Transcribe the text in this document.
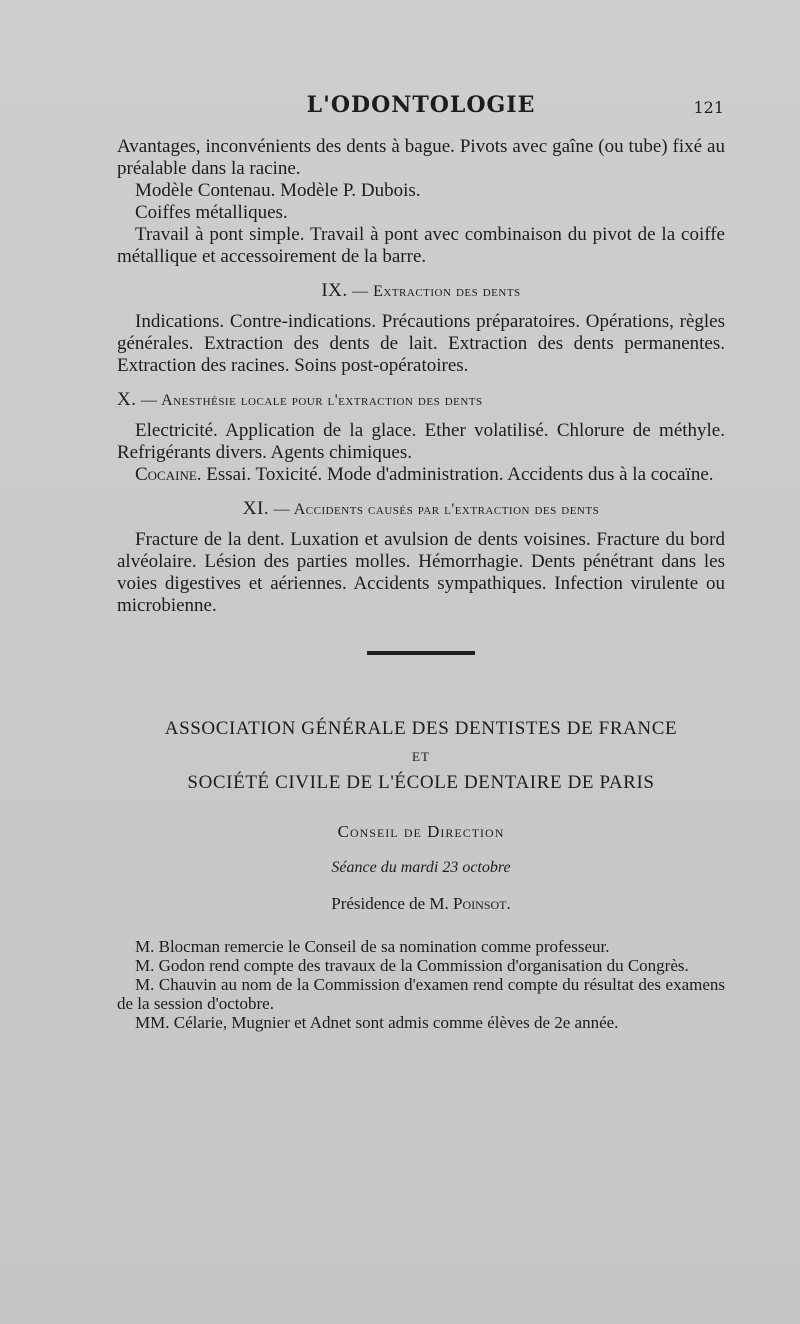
L'ODONTOLOGIE	121

Avantages, inconvénients des dents à bague. Pivots avec gaîne (ou tube) fixé au préalable dans la racine.

Modèle Contenau. Modèle P. Dubois.

Coiffes métalliques.

Travail à pont simple. Travail à pont avec combinaison du pivot de la coiffe métallique et accessoirement de la barre.

IX. — Extraction des dents

Indications. Contre-indications. Précautions préparatoires. Opérations, règles générales. Extraction des dents de lait. Extraction des dents permanentes. Extraction des racines. Soins post-opératoires.

X. — Anesthésie locale pour l'extraction des dents

Electricité. Application de la glace. Ether volatilisé. Chlorure de méthyle. Refrigérants divers. Agents chimiques.

Cocaine. Essai. Toxicité. Mode d'administration. Accidents dus à la cocaïne.

XI. — Accidents causés par l'extraction des dents

Fracture de la dent. Luxation et avulsion de dents voisines. Fracture du bord alvéolaire. Lésion des parties molles. Hémorrhagie. Dents pénétrant dans les voies digestives et aériennes. Accidents sympathiques. Infection virulente ou microbienne.

ASSOCIATION GÉNÉRALE DES DENTISTES DE FRANCE
ET
SOCIÉTÉ CIVILE DE L'ÉCOLE DENTAIRE DE PARIS
Conseil de Direction
Séance du mardi 23 octobre
Présidence de M. Poinsot.

M. Blocman remercie le Conseil de sa nomination comme professeur.

M. Godon rend compte des travaux de la Commission d'organisation du Congrès.

M. Chauvin au nom de la Commission d'examen rend compte du résultat des examens de la session d'octobre.

MM. Célarie, Mugnier et Adnet sont admis comme élèves de 2e année.
